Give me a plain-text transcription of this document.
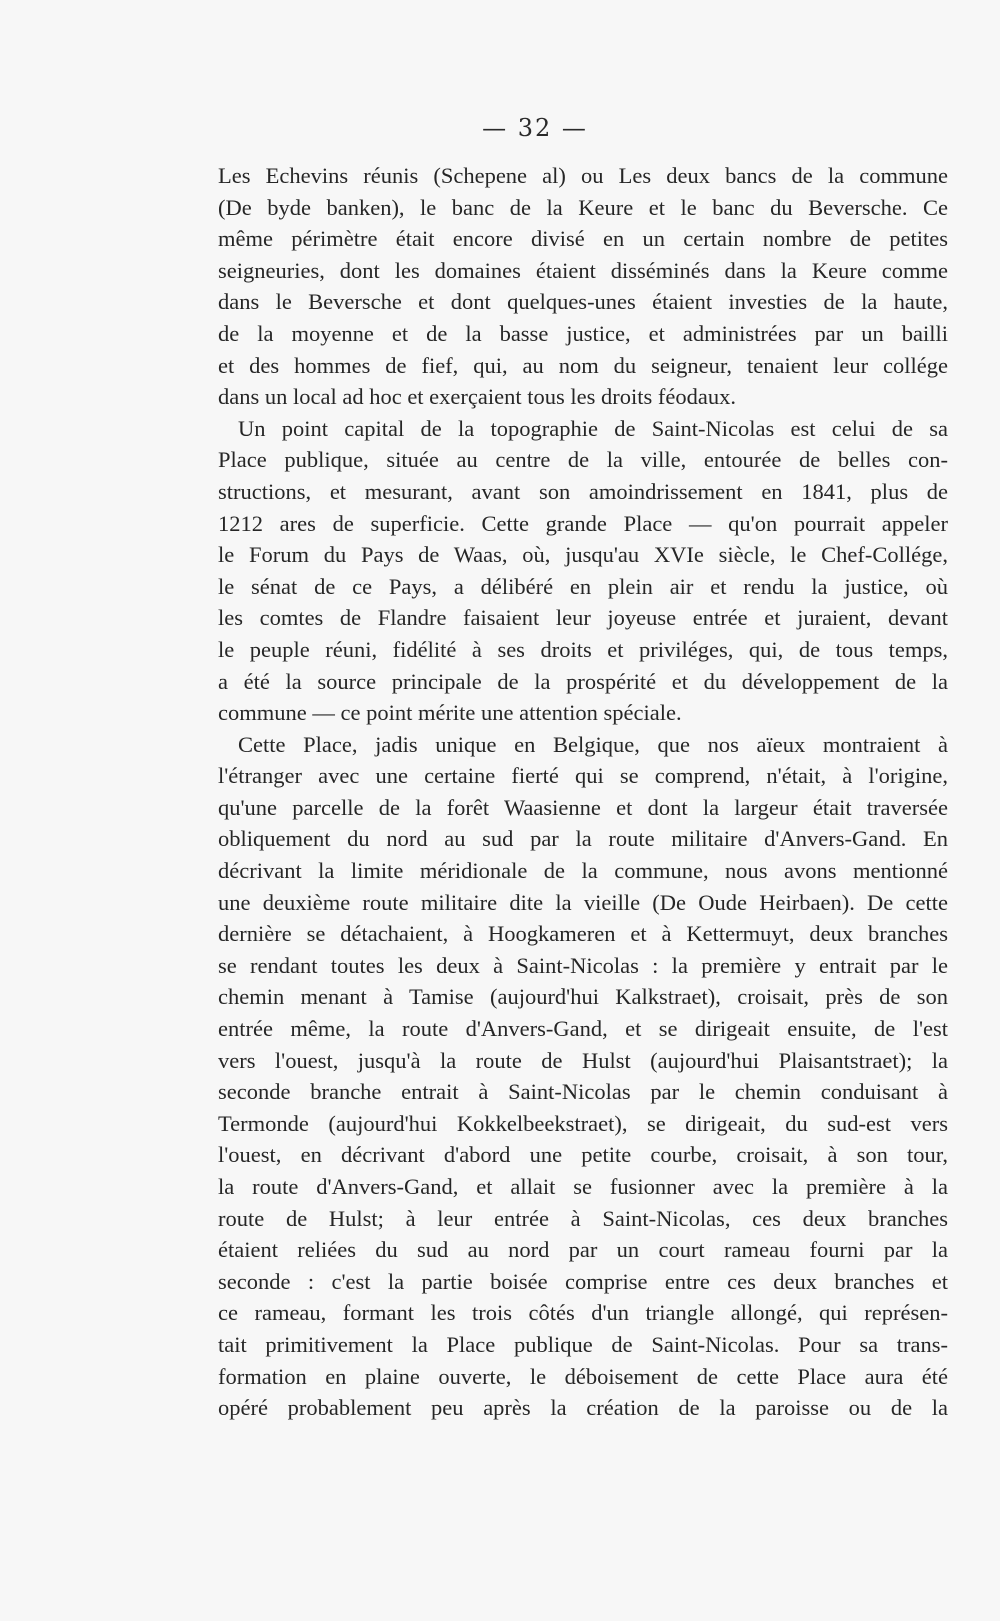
— 32 —
Les Echevins réunis (Schepene al) ou Les deux bancs de la commune
(De byde banken), le banc de la Keure et le banc du Beversche. Ce
même périmètre était encore divisé en un certain nombre de petites
seigneuries, dont les domaines étaient disséminés dans la Keure comme
dans le Beversche et dont quelques-unes étaient investies de la haute,
de la moyenne et de la basse justice, et administrées par un bailli
et des hommes de fief, qui, au nom du seigneur, tenaient leur collége
dans un local ad hoc et exerçaient tous les droits féodaux.
Un point capital de la topographie de Saint-Nicolas est celui de sa
Place publique, située au centre de la ville, entourée de belles con-
structions, et mesurant, avant son amoindrissement en 1841, plus de
1212 ares de superficie. Cette grande Place — qu'on pourrait appeler
le Forum du Pays de Waas, où, jusqu'au XVIe siècle, le Chef-Collége,
le sénat de ce Pays, a délibéré en plein air et rendu la justice, où
les comtes de Flandre faisaient leur joyeuse entrée et juraient, devant
le peuple réuni, fidélité à ses droits et priviléges, qui, de tous temps,
a été la source principale de la prospérité et du développement de la
commune — ce point mérite une attention spéciale.
Cette Place, jadis unique en Belgique, que nos aïeux montraient à
l'étranger avec une certaine fierté qui se comprend, n'était, à l'origine,
qu'une parcelle de la forêt Waasienne et dont la largeur était traversée
obliquement du nord au sud par la route militaire d'Anvers-Gand. En
décrivant la limite méridionale de la commune, nous avons mentionné
une deuxième route militaire dite la vieille (De Oude Heirbaen). De cette
dernière se détachaient, à Hoogkameren et à Kettermuyt, deux branches
se rendant toutes les deux à Saint-Nicolas : la première y entrait par le
chemin menant à Tamise (aujourd'hui Kalkstraet), croisait, près de son
entrée même, la route d'Anvers-Gand, et se dirigeait ensuite, de l'est
vers l'ouest, jusqu'à la route de Hulst (aujourd'hui Plaisantstraet); la
seconde branche entrait à Saint-Nicolas par le chemin conduisant à
Termonde (aujourd'hui Kokkelbeekstraet), se dirigeait, du sud-est vers
l'ouest, en décrivant d'abord une petite courbe, croisait, à son tour,
la route d'Anvers-Gand, et allait se fusionner avec la première à la
route de Hulst; à leur entrée à Saint-Nicolas, ces deux branches
étaient reliées du sud au nord par un court rameau fourni par la
seconde : c'est la partie boisée comprise entre ces deux branches et
ce rameau, formant les trois côtés d'un triangle allongé, qui représen-
tait primitivement la Place publique de Saint-Nicolas. Pour sa trans-
formation en plaine ouverte, le déboisement de cette Place aura été
opéré probablement peu après la création de la paroisse ou de la
